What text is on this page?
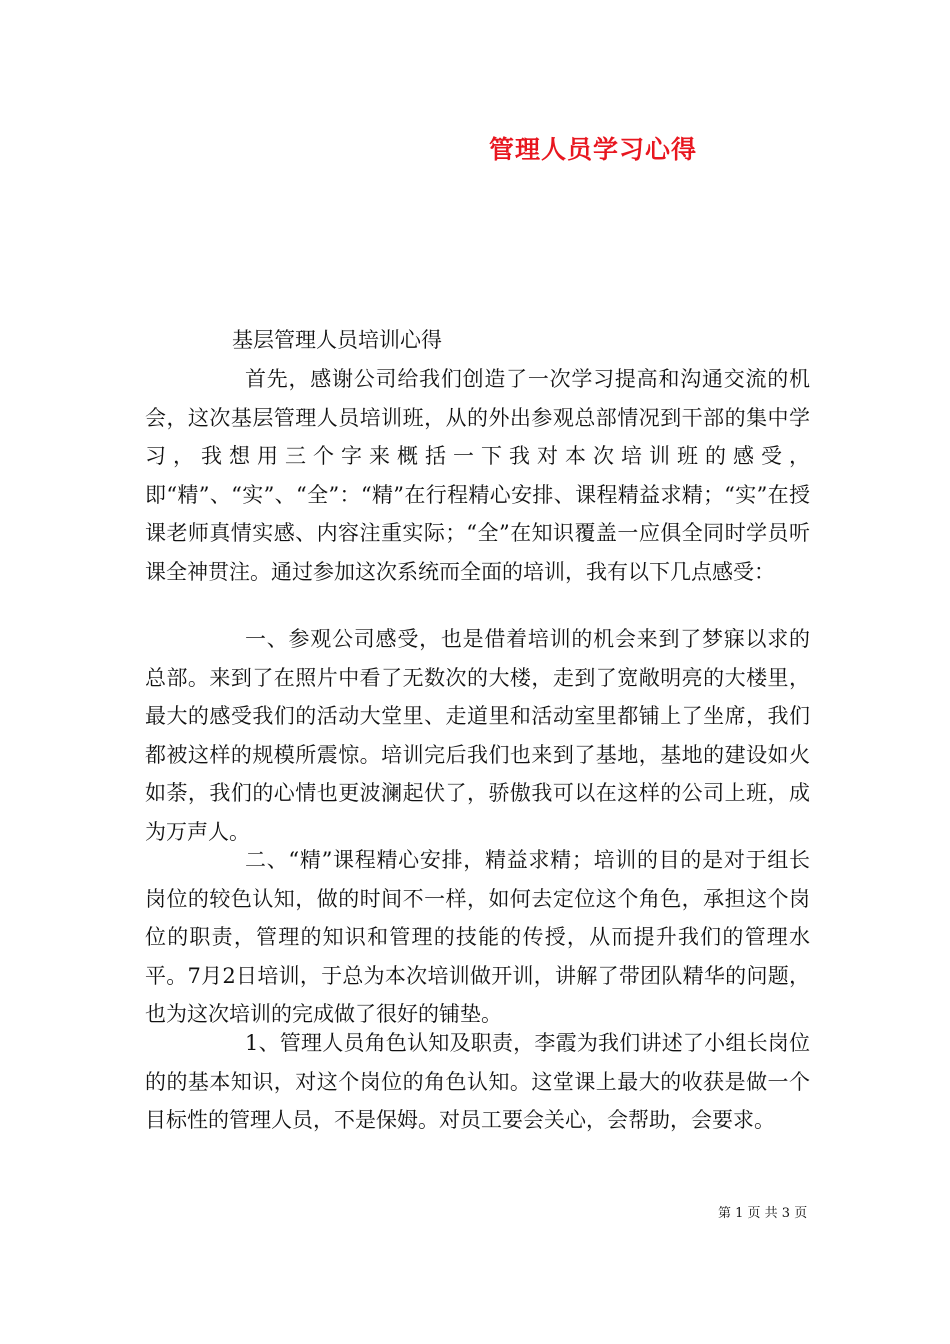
管理人员学习心得
基层管理人员培训心得

首先，感谢公司给我们创造了一次学习提高和沟通交流的机会，这次基层管理人员培训班，从的外出参观总部情况到干部的集中学习，我想用三个字来概括一下我对本次培训班的感受，即“精”、“实”、“全”：“精”在行程精心安排、课程精益求精；“实”在授课老师真情实感、内容注重实际；“全”在知识覆盖一应俱全同时学员听课全神贯注。通过参加这次系统而全面的培训，我有以下几点感受：

一、参观公司感受，也是借着培训的机会来到了梦寐以求的总部。来到了在照片中看了无数次的大楼，走到了宽敞明亮的大楼里，最大的感受我们的活动大堂里、走道里和活动室里都铺上了坐席，我们都被这样的规模所震惊。培训完后我们也来到了基地，基地的建设如火如荼，我们的心情也更波澜起伏了，骄傲我可以在这样的公司上班，成为万声人。

二、“精”课程精心安排，精益求精；培训的目的是对于组长岗位的较色认知，做的时间不一样，如何去定位这个角色，承担这个岗位的职责，管理的知识和管理的技能的传授，从而提升我们的管理水平。7月2日培训，于总为本次培训做开训，讲解了带团队精华的问题，也为这次培训的完成做了很好的铺垫。

1、管理人员角色认知及职责，李霞为我们讲述了小组长岗位的的基本知识，对这个岗位的角色认知。这堂课上最大的收获是做一个目标性的管理人员，不是保姆。对员工要会关心，会帮助，会要求。

第 1 页 共 3 页
